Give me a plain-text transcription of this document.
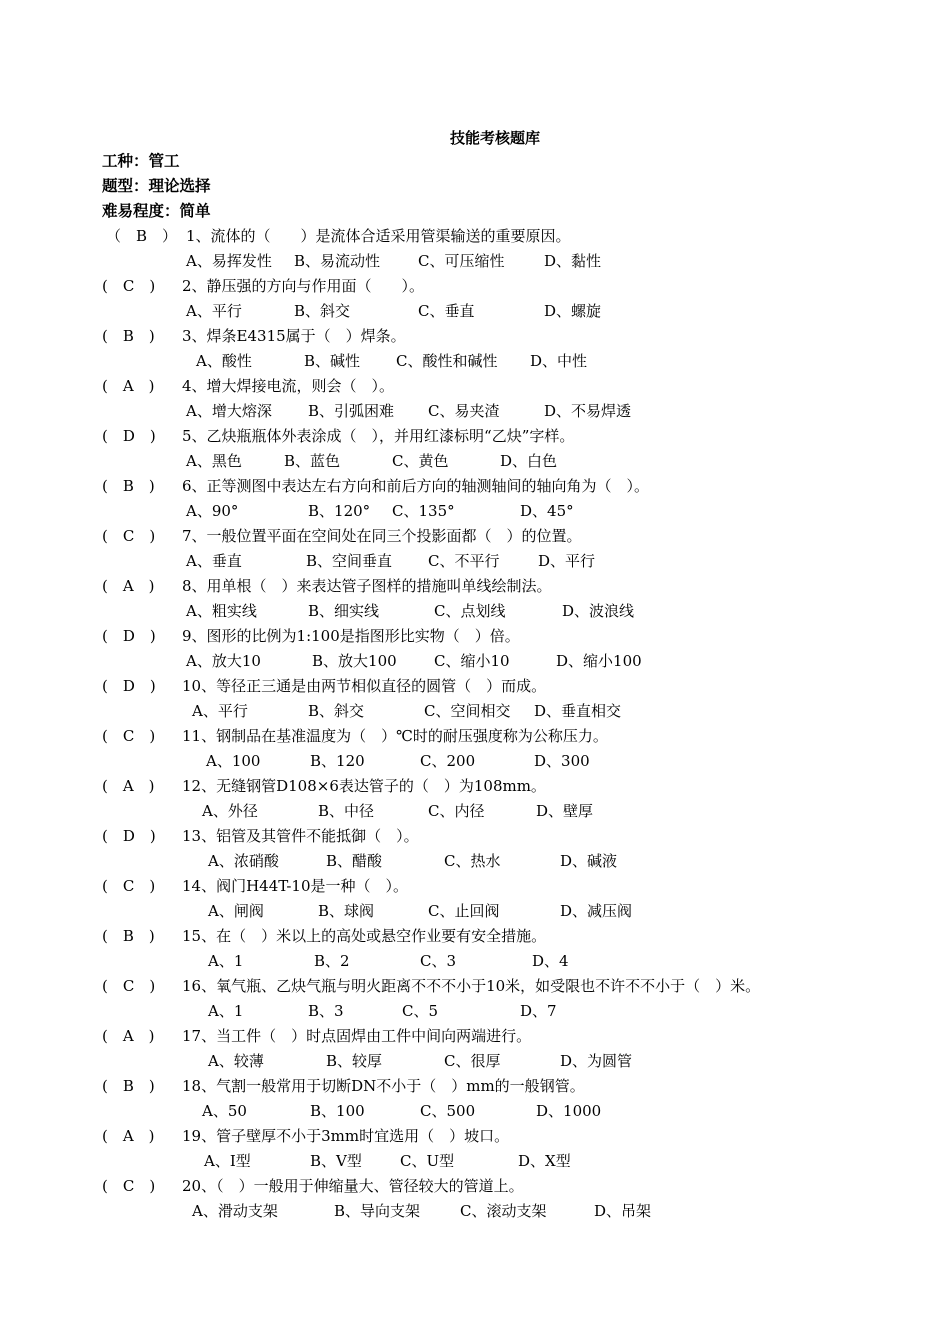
技能考核题库
工种：管工
题型：理论选择
难易程度：简单
（　B　） 1、流体的（　　）是流体合适采用管渠输送的重要原因。
A、易挥发性 B、易流动性	C、可压缩性	D、黏性
(　C　) 2、静压强的方向与作用面（　　）。
A、平行	B、斜交	C、垂直	D、螺旋
(　B　) 3、焊条E4315属于（　）焊条。
A、酸性	B、碱性 C、酸性和碱性 D、中性
(　A　) 4、增大焊接电流，则会（　）。
A、增大熔深 B、引弧困难 C、易夹渣	D、不易焊透
(　D　) 5、乙炔瓶瓶体外表涂成（　），并用红漆标明“乙炔”字样。
A、黑色	B、蓝色	C、黄色	D、白色
(　B　) 6、正等测图中表达左右方向和前后方向的轴测轴间的轴向角为（　）。
A、90°	B、120° C、135°	D、45°
(　C　) 7、一般位置平面在空间处在同三个投影面都（　）的位置。
A、垂直	B、空间垂直 C、不平行	D、平行
(　A　) 8、用单根（　）来表达管子图样的措施叫单线绘制法。
A、粗实线	B、细实线	C、点划线	D、波浪线
(　D　) 9、图形的比例为1:100是指图形比实物（　）倍。
A、放大10	B、放大100 C、缩小10	D、缩小100
(　D　) 10、等径正三通是由两节相似直径的圆管（　）而成。
A、平行	B、斜交	C、空间相交 D、垂直相交
(　C　) 11、钢制品在基准温度为（　）℃时的耐压强度称为公称压力。
A、100	B、120	C、200	D、300
(　A　) 12、无缝钢管D108×6表达管子的（　）为108mm。
A、外径	B、中径	C、内径	D、壁厚
(　D　) 13、铝管及其管件不能抵御（　）。
A、浓硝酸	B、醋酸	C、热水	D、碱液
(　C　) 14、阀门H44T-10是一种（　）。
A、闸阀	B、球阀	C、止回阀	D、减压阀
(　B　) 15、在（　）米以上的高处或悬空作业要有安全措施。
A、1	B、2	C、3	D、4
(　C　) 16、氧气瓶、乙炔气瓶与明火距离不不不小于10米，如受限也不许不不小于（　）米。
A、1	B、3	C、5	D、7
(　A　) 17、当工件（　）时点固焊由工件中间向两端进行。
A、较薄	B、较厚	C、很厚	D、为圆管
(　B　) 18、气割一般常用于切断DN不小于（　）mm的一般钢管。
A、50	B、100	C、500	D、1000
(　A　) 19、管子壁厚不小于3mm时宜选用（　）坡口。
A、I型	B、V型	C、U型	D、X型
(　C　) 20、（　）一般用于伸缩量大、管径较大的管道上。
A、滑动支架	B、导向支架	C、滚动支架	D、吊架
